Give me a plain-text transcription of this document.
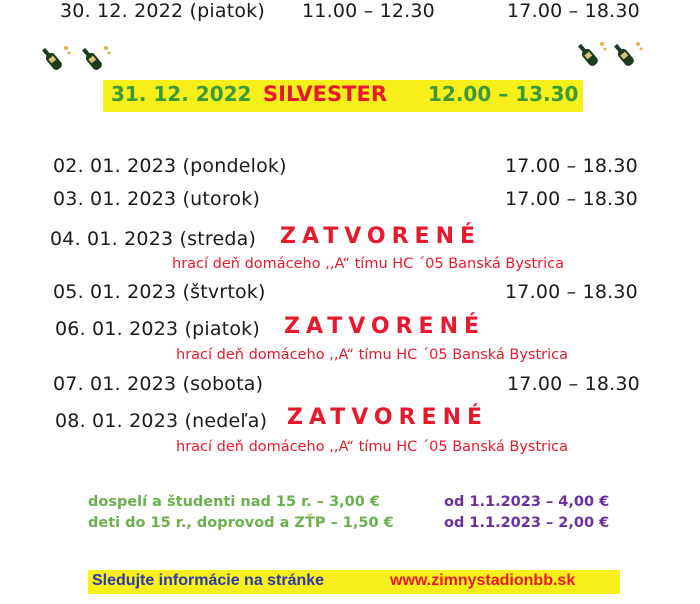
30. 12. 2022 (piatok) 11.00 – 12.30	17.00 – 18.30
31. 12. 2022 SILVESTER 12.00 – 13.30
02. 01. 2023 (pondelok)	17.00 – 18.30
03. 01. 2023 (utorok)	17.00 – 18.30
04. 01. 2023 (streda) ZATVORENÉ
hrací deň domáceho ,,A“ tímu HC ´05 Banská Bystrica
05. 01. 2023 (štvrtok)	17.00 – 18.30
06. 01. 2023 (piatok) ZATVORENÉ
hrací deň domáceho ,,A“ tímu HC ´05 Banská Bystrica
07. 01. 2023 (sobota)	17.00 – 18.30
08. 01. 2023 (nedeľa) ZATVORENÉ
hrací deň domáceho ,,A“ tímu HC ´05 Banská Bystrica
dospelí a študenti nad 15 r. – 3,00 €	od 1.1.2023 – 4,00 €
deti do 15 r., doprovod a ZŤP – 1,50 €	od 1.1.2023 – 2,00 €
Sledujte informácie na stránke	www.zimnystadionbb.sk
